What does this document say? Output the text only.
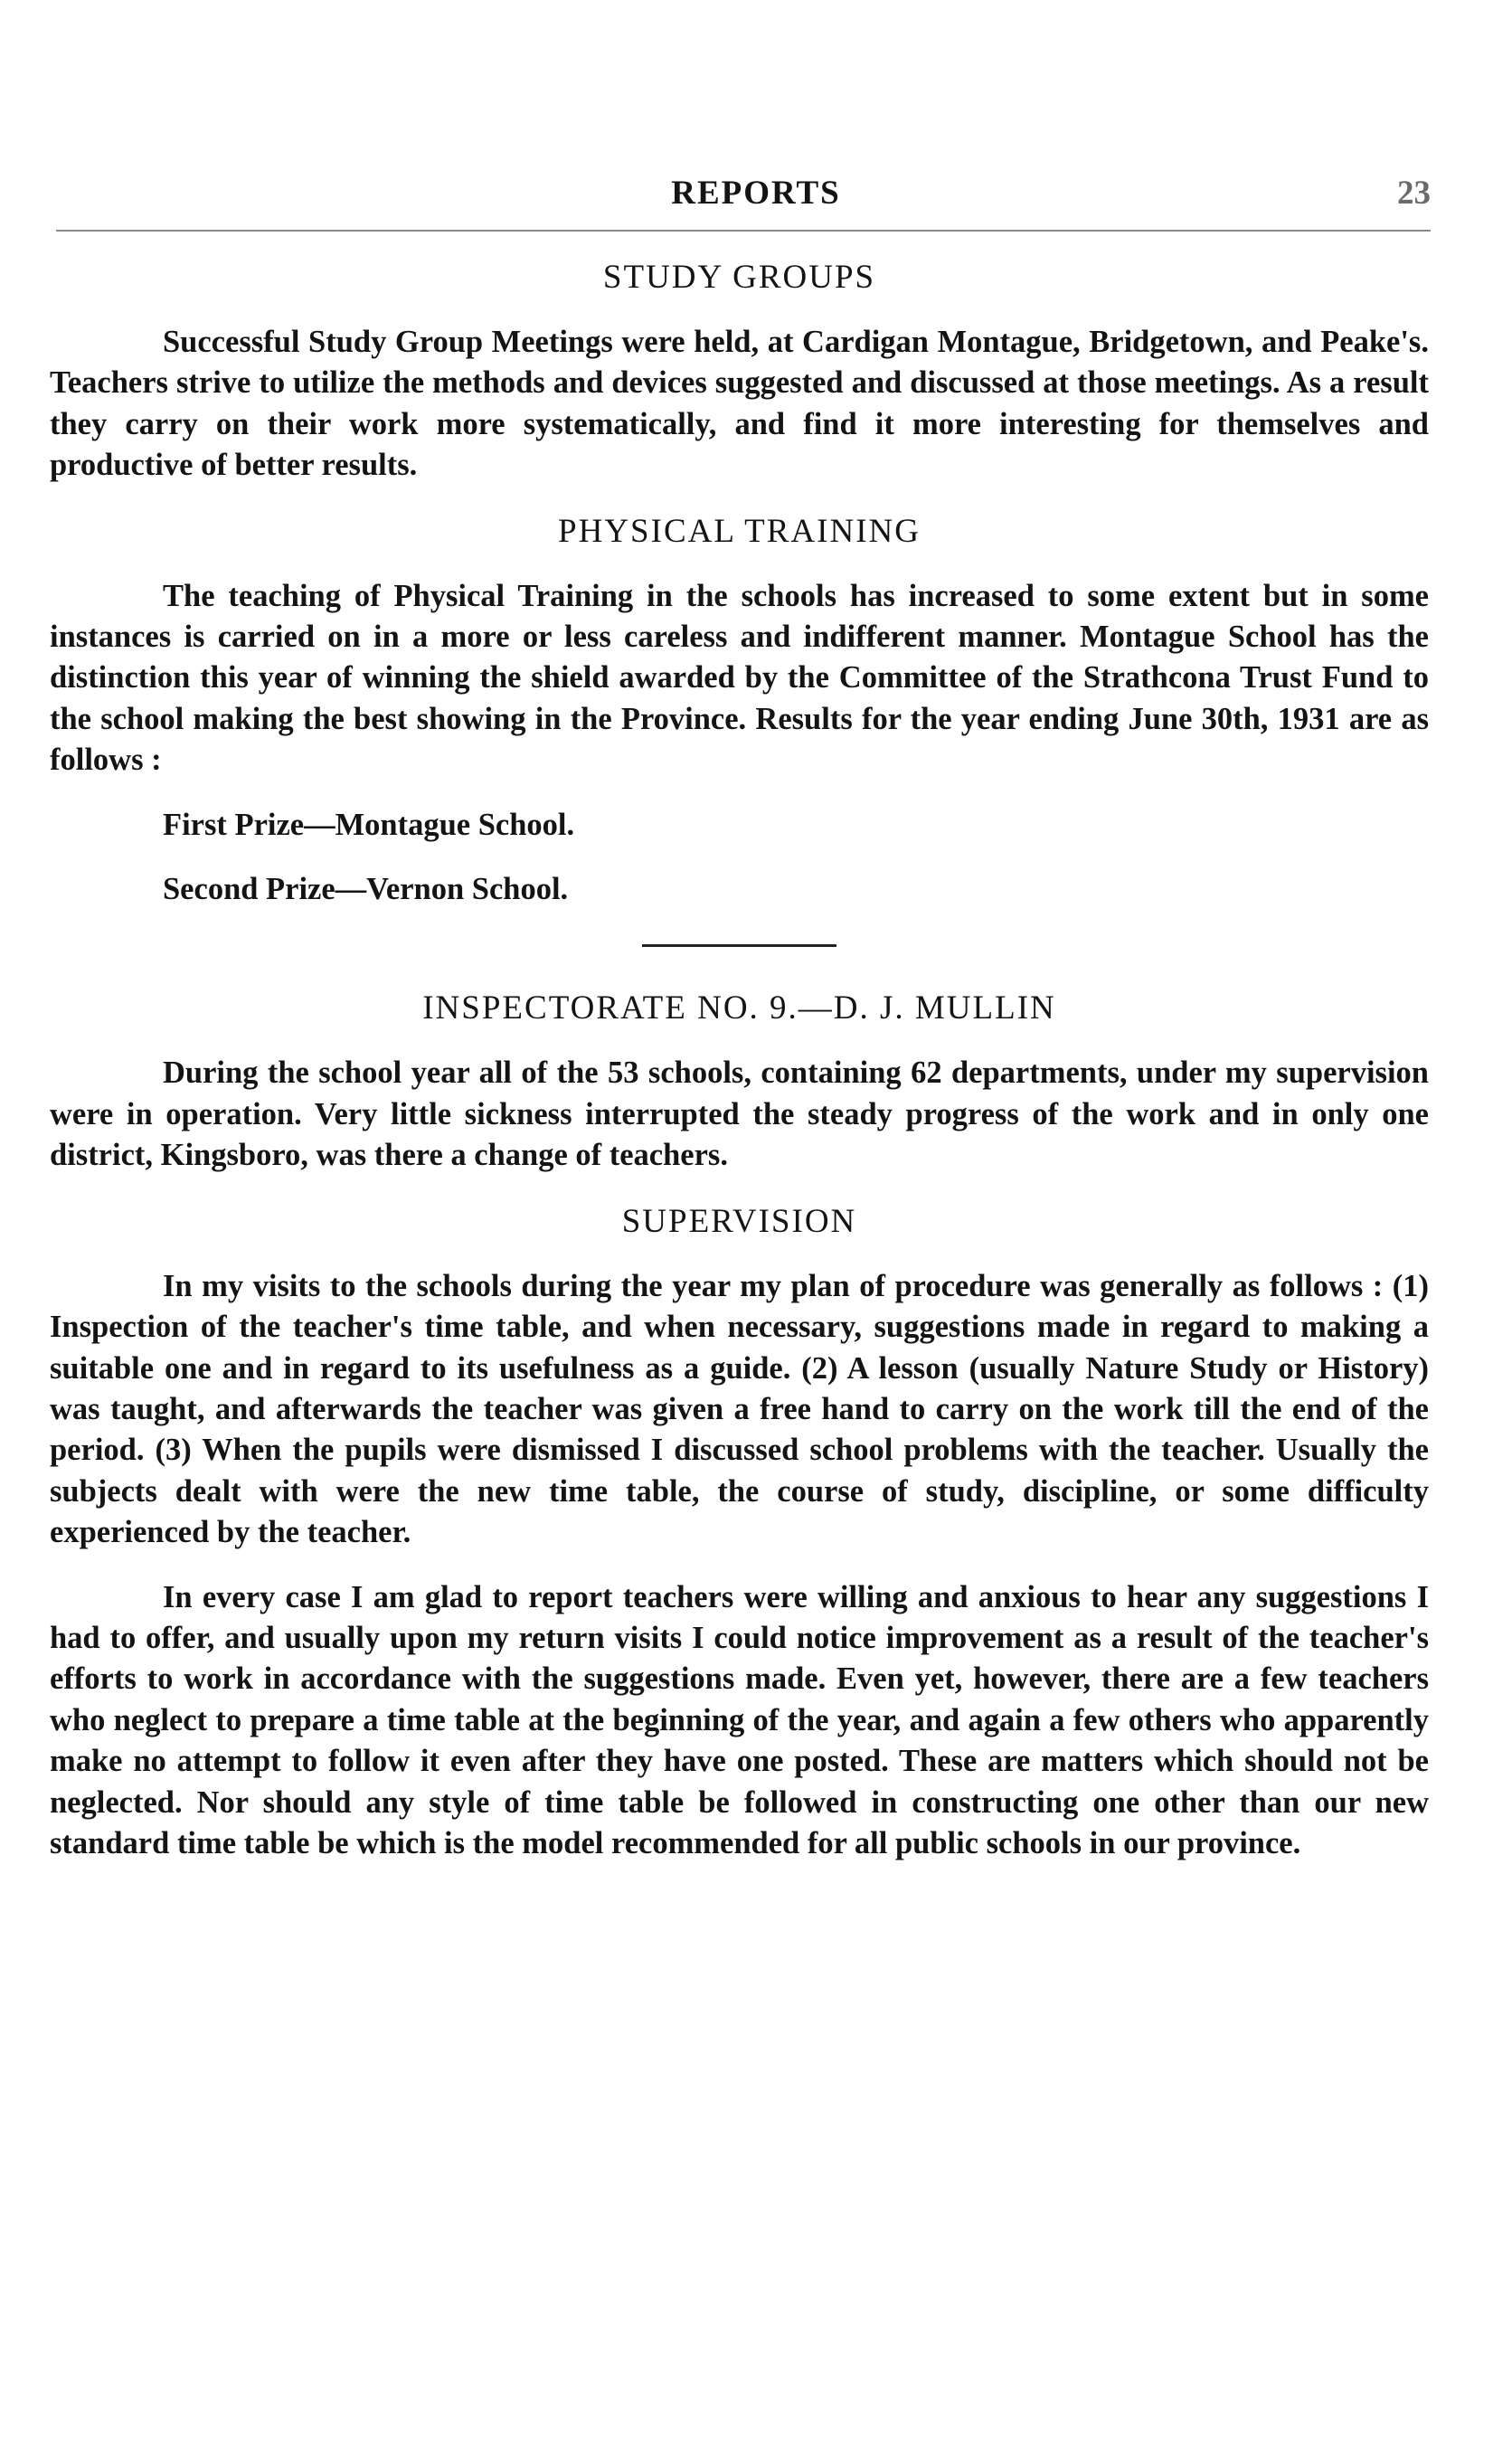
REPORTS	23
STUDY GROUPS

Successful Study Group Meetings were held, at Cardigan Montague, Bridgetown, and Peake's. Teachers strive to utilize the methods and devices suggested and discussed at those meetings. As a result they carry on their work more systematically, and find it more interesting for themselves and productive of better results.

PHYSICAL TRAINING

The teaching of Physical Training in the schools has increased to some extent but in some instances is carried on in a more or less careless and indifferent manner. Montague School has the distinction this year of winning the shield awarded by the Committee of the Strathcona Trust Fund to the school making the best showing in the Province. Results for the year ending June 30th, 1931 are as follows :

First Prize—Montague School.

Second Prize—Vernon School.

INSPECTORATE NO. 9.—D. J. MULLIN

During the school year all of the 53 schools, containing 62 departments, under my supervision were in operation. Very little sickness interrupted the steady progress of the work and in only one district, Kingsboro, was there a change of teachers.

SUPERVISION

In my visits to the schools during the year my plan of procedure was generally as follows : (1) Inspection of the teacher's time table, and when necessary, suggestions made in regard to making a suitable one and in regard to its usefulness as a guide. (2) A lesson (usually Nature Study or History) was taught, and afterwards the teacher was given a free hand to carry on the work till the end of the period. (3) When the pupils were dismissed I discussed school problems with the teacher. Usually the subjects dealt with were the new time table, the course of study, discipline, or some difficulty experienced by the teacher.

In every case I am glad to report teachers were willing and anxious to hear any suggestions I had to offer, and usually upon my return visits I could notice improvement as a result of the teacher's efforts to work in accordance with the suggestions made. Even yet, however, there are a few teachers who neglect to prepare a time table at the beginning of the year, and again a few others who apparently make no attempt to follow it even after they have one posted. These are matters which should not be neglected. Nor should any style of time table be followed in constructing one other than our new standard time table be which is the model recommended for all public schools in our province.
